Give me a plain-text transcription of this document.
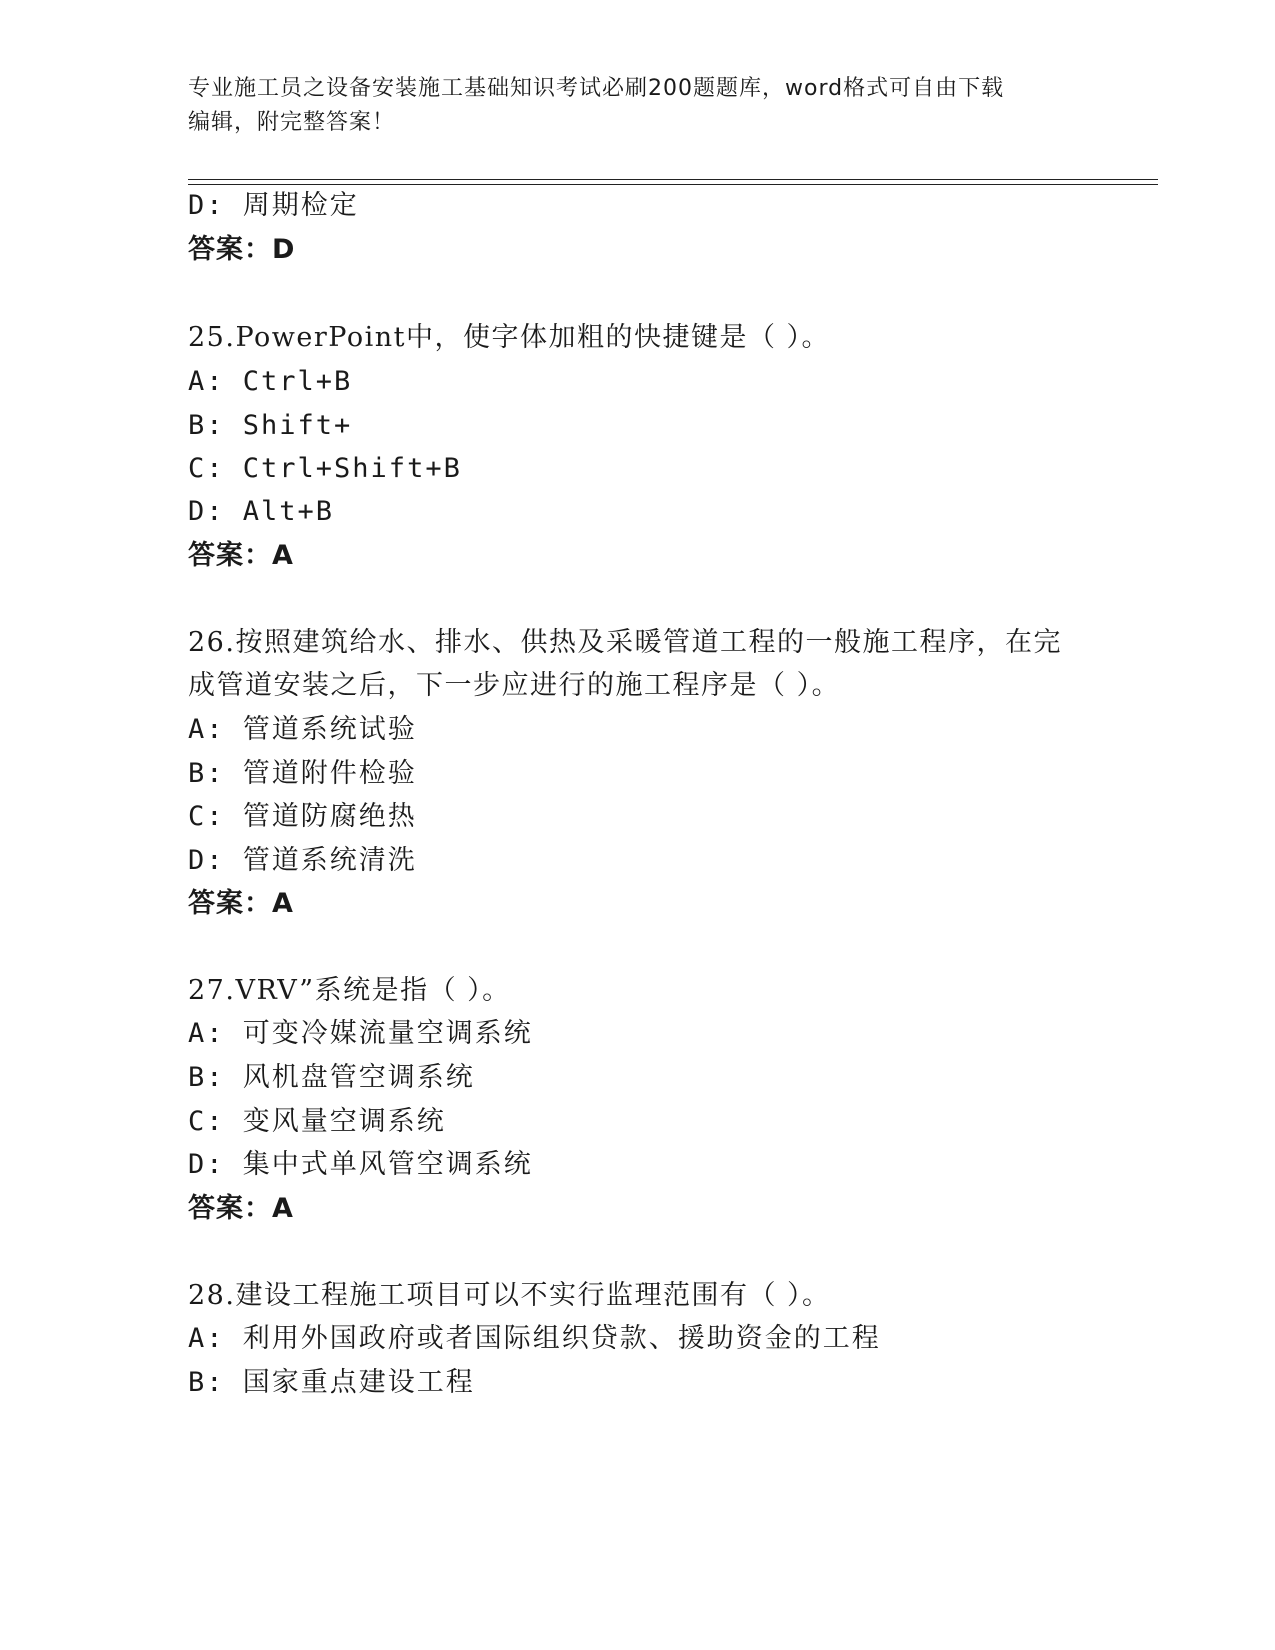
专业施工员之设备安装施工基础知识考试必刷200题题库，word格式可自由下载
编辑，附完整答案！
D: 周期检定
答案：D
25.PowerPoint中，使字体加粗的快捷键是（ ）。
A: Ctrl+B
B: Shift+
C: Ctrl+Shift+B
D: Alt+B
答案：A
26.按照建筑给水、排水、供热及采暖管道工程的一般施工程序，在完
成管道安装之后，下一步应进行的施工程序是（ ）。
A: 管道系统试验
B: 管道附件检验
C: 管道防腐绝热
D: 管道系统清洗
答案：A
27.VRV”系统是指（ ）。
A: 可变冷媒流量空调系统
B: 风机盘管空调系统
C: 变风量空调系统
D: 集中式单风管空调系统
答案：A
28.建设工程施工项目可以不实行监理范围有（ ）。
A: 利用外国政府或者国际组织贷款、援助资金的工程
B: 国家重点建设工程
